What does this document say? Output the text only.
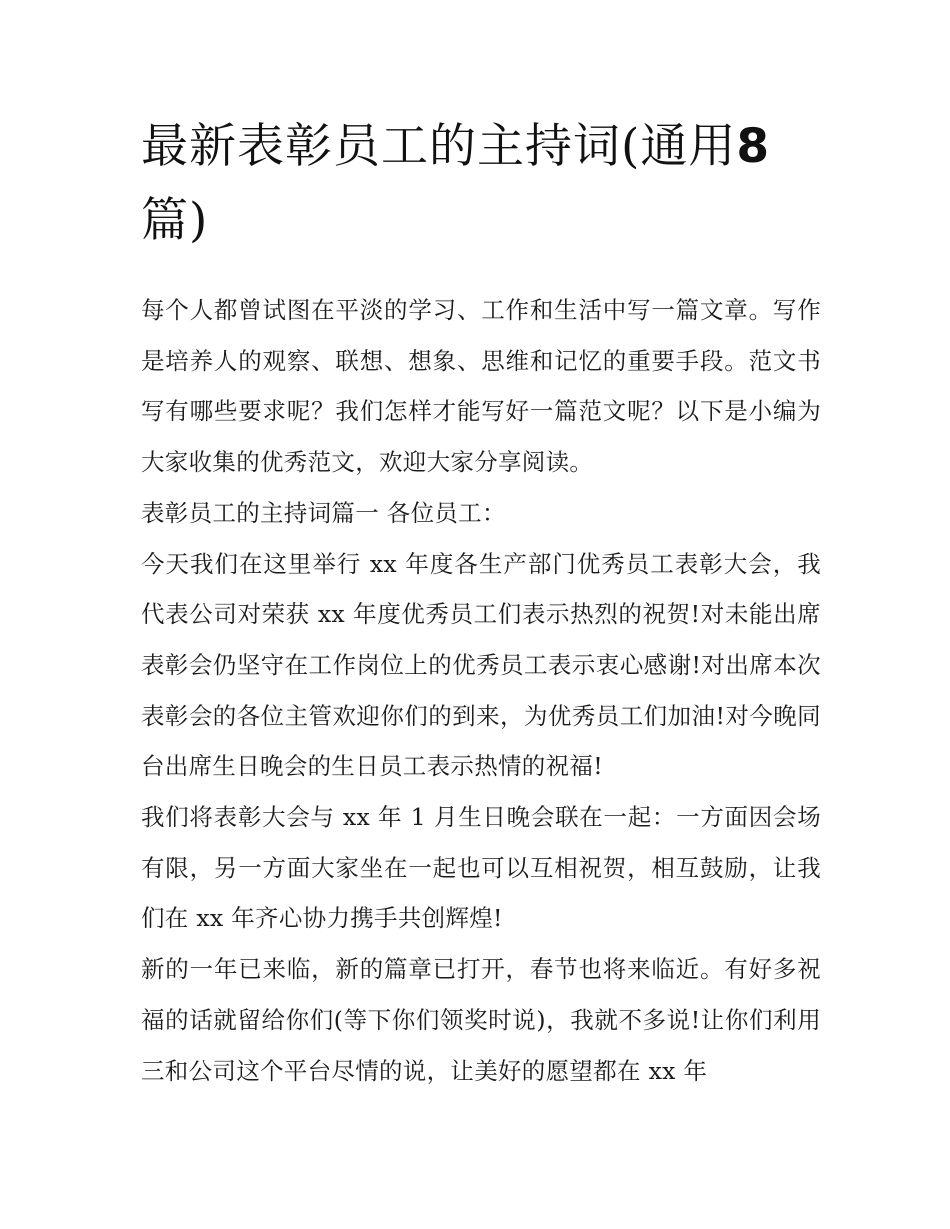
最新表彰员工的主持词(通用8
篇)

每个人都曾试图在平淡的学习、工作和生活中写一篇文章。写作是培养人的观察、联想、想象、思维和记忆的重要手段。范文书写有哪些要求呢？我们怎样才能写好一篇范文呢？以下是小编为大家收集的优秀范文，欢迎大家分享阅读。

表彰员工的主持词篇一 各位员工：

今天我们在这里举行 xx 年度各生产部门优秀员工表彰大会，我代表公司对荣获 xx 年度优秀员工们表示热烈的祝贺!对未能出席表彰会仍坚守在工作岗位上的优秀员工表示衷心感谢!对出席本次表彰会的各位主管欢迎你们的到来，为优秀员工们加油!对今晚同台出席生日晚会的生日员工表示热情的祝福!

我们将表彰大会与 xx 年 1 月生日晚会联在一起：一方面因会场有限，另一方面大家坐在一起也可以互相祝贺，相互鼓励，让我们在 xx 年齐心协力携手共创辉煌!

新的一年已来临，新的篇章已打开，春节也将来临近。有好多祝福的话就留给你们(等下你们领奖时说)，我就不多说!让你们利用三和公司这个平台尽情的说，让美好的愿望都在 xx 年
